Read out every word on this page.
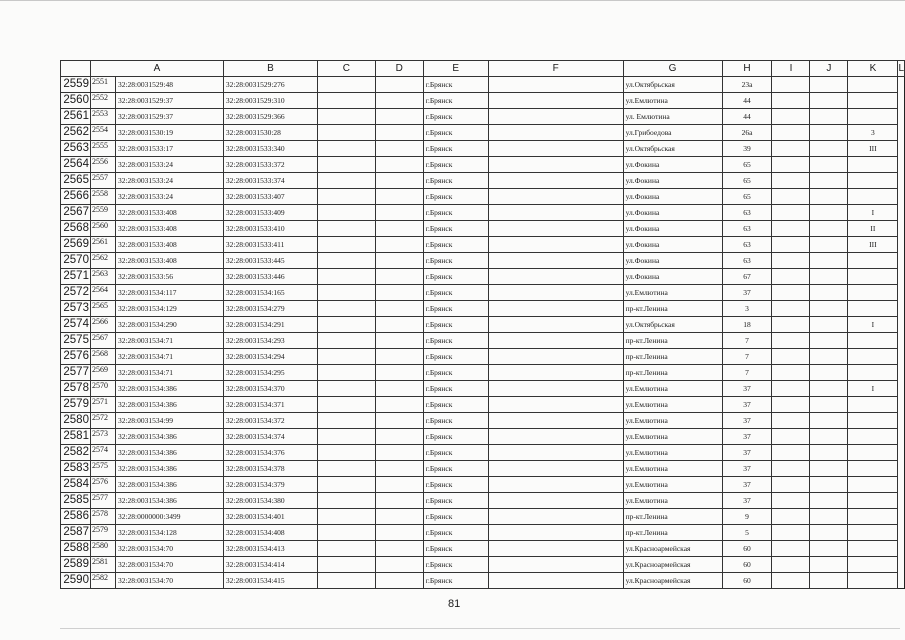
	A		B	C	D	E	F	G	H	I	J	K	L
2559	2551	32:28:0031529:48	32:28:0031529:276			г.Брянск		ул.Октябрьская	23а				
2560	2552	32:28:0031529:37	32:28:0031529:310			г.Брянск		ул.Емлютина	44				
2561	2553	32:28:0031529:37	32:28:0031529:366			г.Брянск		ул. Емлютина	44				
2562	2554	32:28:0031530:19	32:28:0031530:28			г.Брянск		ул.Грибоедова	26а			3	
2563	2555	32:28:0031533:17	32:28:0031533:340			г.Брянск		ул.Октябрьская	39			III	
2564	2556	32:28:0031533:24	32:28:0031533:372			г.Брянск		ул.Фокина	65				
2565	2557	32:28:0031533:24	32:28:0031533:374			г.Брянск		ул.Фокина	65				
2566	2558	32:28:0031533:24	32:28:0031533:407			г.Брянск		ул.Фокина	65				
2567	2559	32:28:0031533:408	32:28:0031533:409			г.Брянск		ул.Фокина	63			I	
2568	2560	32:28:0031533:408	32:28:0031533:410			г.Брянск		ул.Фокина	63			II	
2569	2561	32:28:0031533:408	32:28:0031533:411			г.Брянск		ул.Фокина	63			III	
2570	2562	32:28:0031533:408	32:28:0031533:445			г.Брянск		ул.Фокина	63				
2571	2563	32:28:0031533:56	32:28:0031533:446			г.Брянск		ул.Фокина	67				
2572	2564	32:28:0031534:117	32:28:0031534:165			г.Брянск		ул.Емлютина	37				
2573	2565	32:28:0031534:129	32:28:0031534:279			г.Брянск		пр-кт.Ленина	3				
2574	2566	32:28:0031534:290	32:28:0031534:291			г.Брянск		ул.Октябрьская	18			I	
2575	2567	32:28:0031534:71	32:28:0031534:293			г.Брянск		пр-кт.Ленина	7				
2576	2568	32:28:0031534:71	32:28:0031534:294			г.Брянск		пр-кт.Ленина	7				
2577	2569	32:28:0031534:71	32:28:0031534:295			г.Брянск		пр-кт.Ленина	7				
2578	2570	32:28:0031534:386	32:28:0031534:370			г.Брянск		ул.Емлютина	37			I	
2579	2571	32:28:0031534:386	32:28:0031534:371			г.Брянск		ул.Емлютина	37				
2580	2572	32:28:0031534:99	32:28:0031534:372			г.Брянск		ул.Емлютина	37				
2581	2573	32:28:0031534:386	32:28:0031534:374			г.Брянск		ул.Емлютина	37				
2582	2574	32:28:0031534:386	32:28:0031534:376			г.Брянск		ул.Емлютина	37				
2583	2575	32:28:0031534:386	32:28:0031534:378			г.Брянск		ул.Емлютина	37				
2584	2576	32:28:0031534:386	32:28:0031534:379			г.Брянск		ул.Емлютина	37				
2585	2577	32:28:0031534:386	32:28:0031534:380			г.Брянск		ул.Емлютина	37				
2586	2578	32:28:0000000:3499	32:28:0031534:401			г.Брянск		пр-кт.Ленина	9				
2587	2579	32:28:0031534:128	32:28:0031534:408			г.Брянск		пр-кт.Ленина	5				
2588	2580	32:28:0031534:70	32:28:0031534:413			г.Брянск		ул.Красноармейская	60				
2589	2581	32:28:0031534:70	32:28:0031534:414			г.Брянск		ул.Красноармейская	60				
2590	2582	32:28:0031534:70	32:28:0031534:415			г.Брянск		ул.Красноармейская	60				
81
